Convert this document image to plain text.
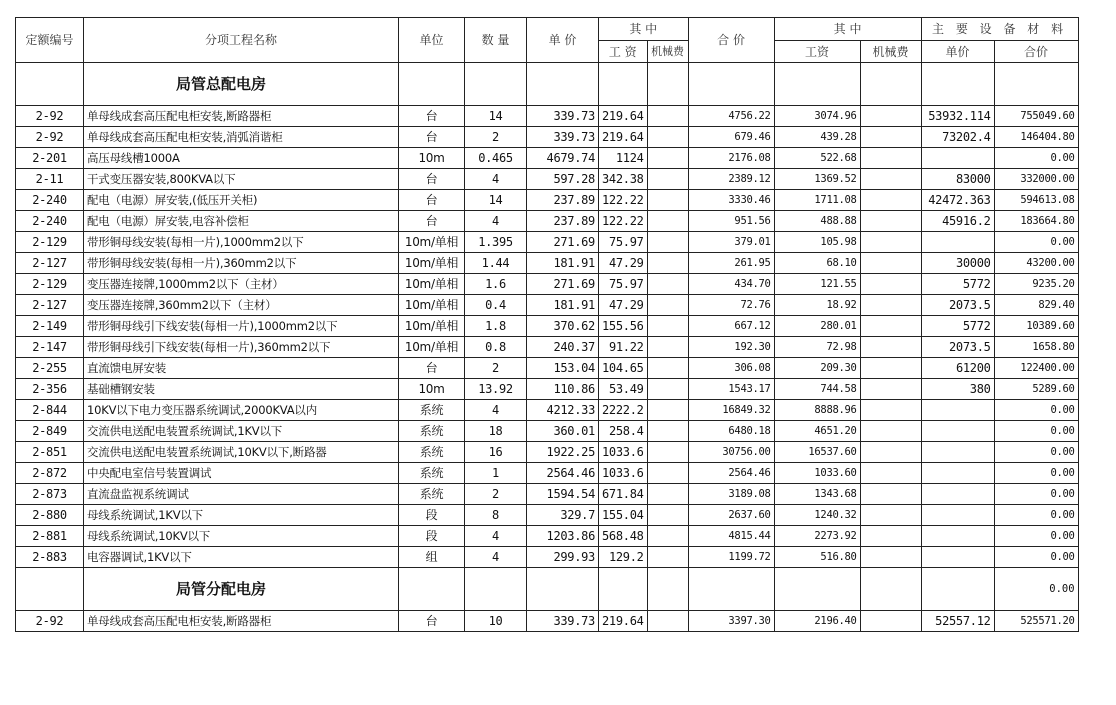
定额编号	分项工程名称	单位	数 量	单 价	其 中		合 价	其 中		主 要 设 备 材 料	
					工 资	机械费		工资	机械费	单价	合价
	局管总配电房										
2-92	单母线成套高压配电柜安装,断路器柜	台	14	339.73	219.64		4756.22	3074.96		53932.114	755049.60
2-92	单母线成套高压配电柜安装,消弧消谐柜	台	2	339.73	219.64		679.46	439.28		73202.4	146404.80
2-201	高压母线槽1000A	10m	0.465	4679.74	1124		2176.08	522.68			0.00
2-11	干式变压器安装,800KVA以下	台	4	597.28	342.38		2389.12	1369.52		83000	332000.00
2-240	配电（电源）屏安装,(低压开关柜)	台	14	237.89	122.22		3330.46	1711.08		42472.363	594613.08
2-240	配电（电源）屏安装,电容补偿柜	台	4	237.89	122.22		951.56	488.88		45916.2	183664.80
2-129	带形铜母线安装(每相一片),1000mm2以下	10m/单相	1.395	271.69	75.97		379.01	105.98			0.00
2-127	带形铜母线安装(每相一片),360mm2以下	10m/单相	1.44	181.91	47.29		261.95	68.10		30000	43200.00
2-129	变压器连接牌,1000mm2以下（主材）	10m/单相	1.6	271.69	75.97		434.70	121.55		5772	9235.20
2-127	变压器连接牌,360mm2以下（主材）	10m/单相	0.4	181.91	47.29		72.76	18.92		2073.5	829.40
2-149	带形铜母线引下线安装(每相一片),1000mm2以下	10m/单相	1.8	370.62	155.56		667.12	280.01		5772	10389.60
2-147	带形铜母线引下线安装(每相一片),360mm2以下	10m/单相	0.8	240.37	91.22		192.30	72.98		2073.5	1658.80
2-255	直流馈电屏安装	台	2	153.04	104.65		306.08	209.30		61200	122400.00
2-356	基础槽钢安装	10m	13.92	110.86	53.49		1543.17	744.58		380	5289.60
2-844	10KV以下电力变压器系统调试,2000KVA以内	系统	4	4212.33	2222.2		16849.32	8888.96			0.00
2-849	交流供电送配电装置系统调试,1KV以下	系统	18	360.01	258.4		6480.18	4651.20			0.00
2-851	交流供电送配电装置系统调试,10KV以下,断路器	系统	16	1922.25	1033.6		30756.00	16537.60			0.00
2-872	中央配电室信号装置调试	系统	1	2564.46	1033.6		2564.46	1033.60			0.00
2-873	直流盘监视系统调试	系统	2	1594.54	671.84		3189.08	1343.68			0.00
2-880	母线系统调试,1KV以下	段	8	329.7	155.04		2637.60	1240.32			0.00
2-881	母线系统调试,10KV以下	段	4	1203.86	568.48		4815.44	2273.92			0.00
2-883	电容器调试,1KV以下	组	4	299.93	129.2		1199.72	516.80			0.00
	局管分配电房										0.00
2-92	单母线成套高压配电柜安装,断路器柜	台	10	339.73	219.64		3397.30	2196.40		52557.12	525571.20
